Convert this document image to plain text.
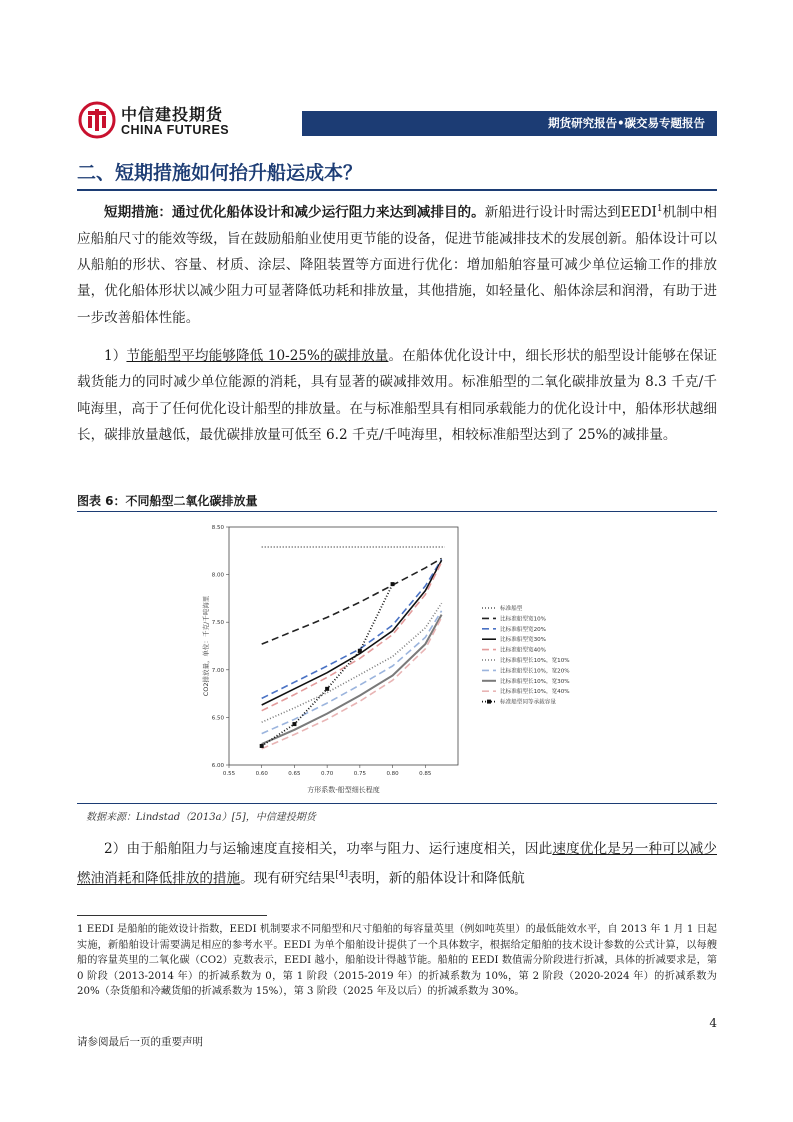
中信建投期货
CHINA FUTURES	期货研究报告•碳交易专题报告
二、短期措施如何抬升船运成本？

短期措施：通过优化船体设计和减少运行阻力来达到减排目的。新船进行设计时需达到EEDI$^1$机制中相应船舶尺寸的能效等级，旨在鼓励船舶业使用更节能的设备，促进节能减排技术的发展创新。船体设计可以从船舶的形状、容量、材质、涂层、降阻装置等方面进行优化：增加船舶容量可减少单位运输工作的排放量，优化船体形状以减少阻力可显著降低功耗和排放量，其他措施，如轻量化、船体涂层和润滑，有助于进一步改善船体性能。

1）节能船型平均能够降低 10-25%的碳排放量。在船体优化设计中，细长形状的船型设计能够在保证载货能力的同时减少单位能源的消耗，具有显著的碳减排效用。标准船型的二氧化碳排放量为 8.3 千克/千吨海里，高于了任何优化设计船型的排放量。在与标准船型具有相同承载能力的优化设计中，船体形状越细长，碳排放量越低，最优碳排放量可低至 6.2 千克/千吨海里，相较标准船型达到了 25%的减排量。

图表 6：不同船型二氧化碳排放量
0.55	0.60	0.65	0.70	0.75	0.80	0.85
6.00
6.50
7.00
7.50
8.00
8.50
方形系数-船型细长程度
CO2排放量，单位：千克/千吨海里	标准船型
比标准船型宽10%
比标准船型宽20%
比标准船型宽30%
比标准船型宽40%
比标准船型长10%，宽10%
比标准船型长10%，宽20%
比标准船型长10%，宽30%
比标准船型长10%，宽40%
标准船型同等承载容量
数据来源：Lindstad（2013a）[5]，中信建投期货

2）由于船舶阻力与运输速度直接相关，功率与阻力、运行速度相关，因此速度优化是另一种可以减少燃油消耗和降低排放的措施。现有研究结果[4]表明，新的船体设计和降低航

1 EEDI 是船舶的能效设计指数，EEDI 机制要求不同船型和尺寸船舶的每容量英里（例如吨英里）的最低能效水平，自 2013 年 1 月 1 日起实施，新船舶设计需要满足相应的参考水平。EEDI 为单个船舶设计提供了一个具体数字，根据给定船舶的技术设计参数的公式计算，以每艘船的容量英里的二氧化碳（CO2）克数表示，EEDI 越小，船舶设计得越节能。船舶的 EEDI 数值需分阶段进行折减，具体的折减要求是，第 0 阶段（2013-2014 年）的折减系数为 0，第 1 阶段（2015-2019 年）的折减系数为 10%，第 2 阶段（2020-2024 年）的折减系数为 20%（杂货船和冷藏货船的折减系数为 15%），第 3 阶段（2025 年及以后）的折减系数为 30%。
4
请参阅最后一页的重要声明
